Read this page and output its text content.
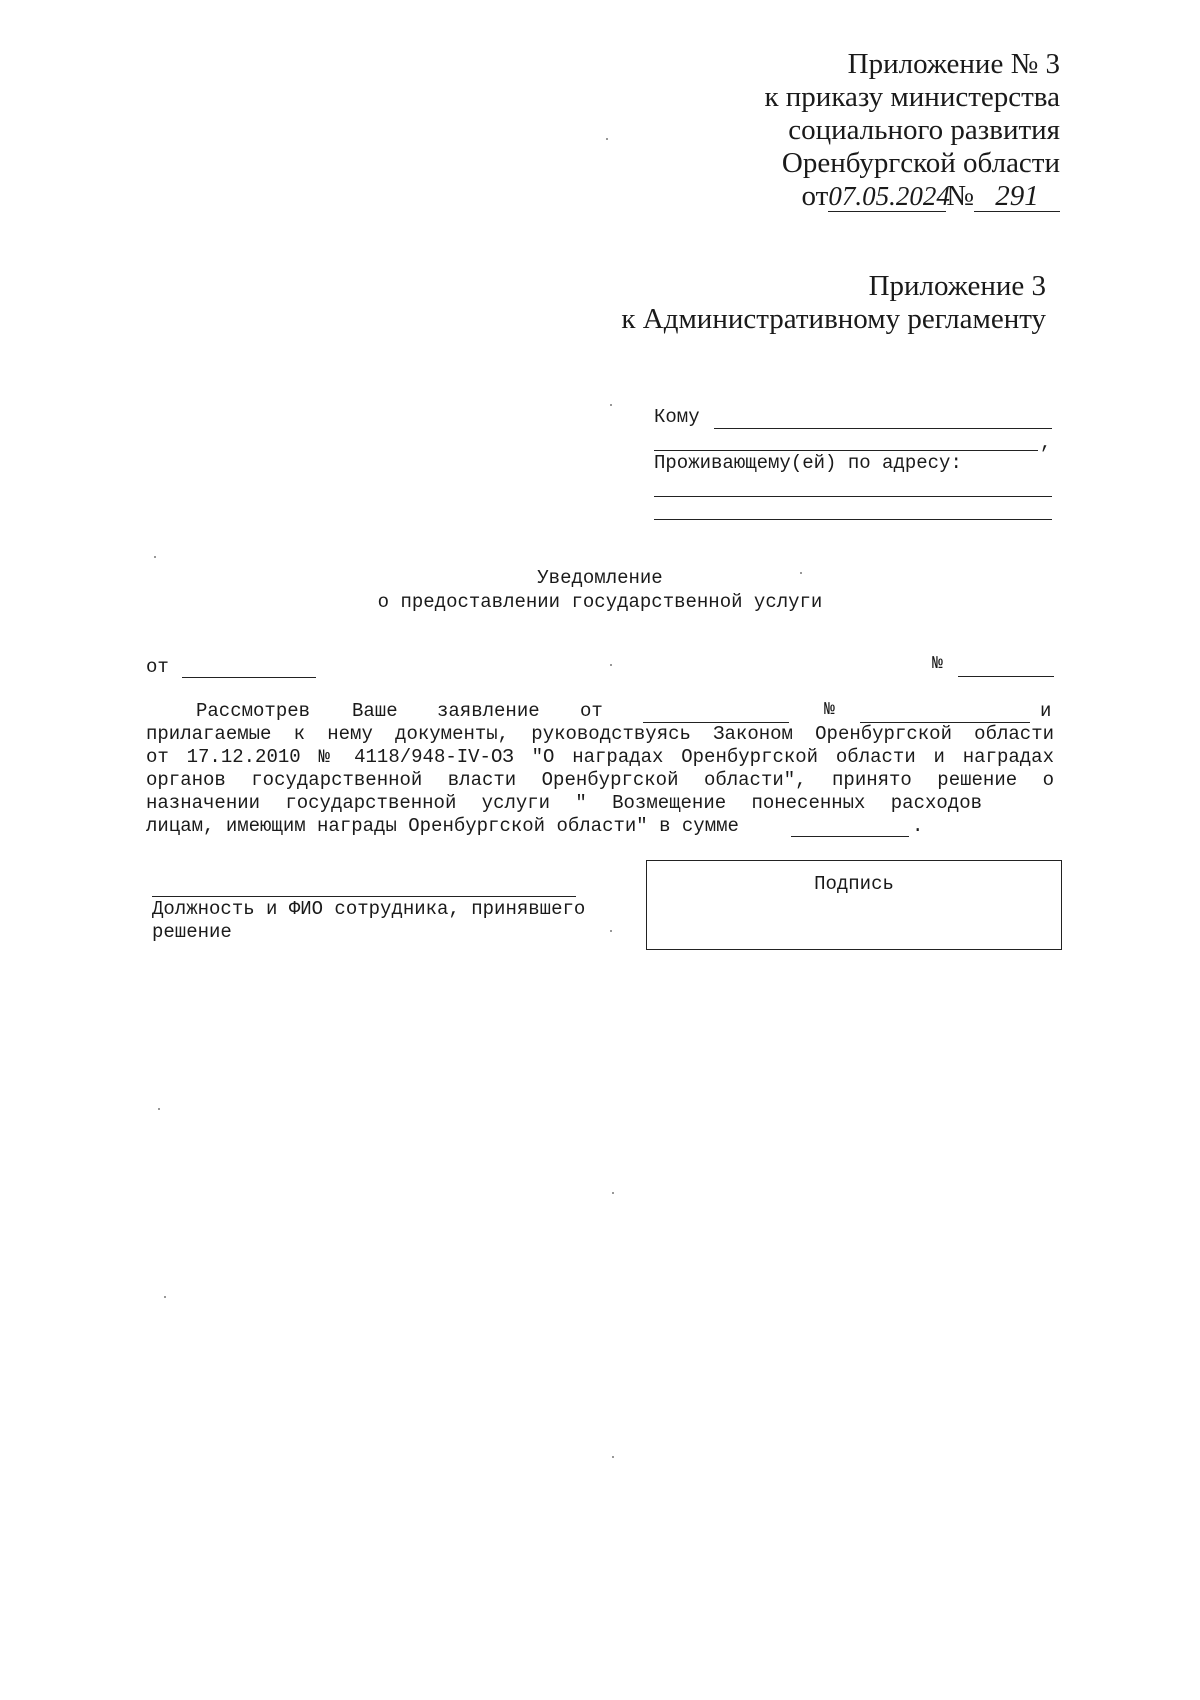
Приложение № 3
к приказу министерства
социального развития
Оренбургской области
от07.05.2024№ 291
Приложение 3
к Административному регламенту
Кому
,
Проживающему(ей) по адресу:
Уведомление
о предоставлении государственной услуги
от	№
Рассмотрев Ваше заявление от	№	и
прилагаемые к нему документы, руководствуясь Законом Оренбургской области
от 17.12.2010 № 4118/948-IV-ОЗ "О наградах Оренбургской области и наградах
органов государственной власти Оренбургской области", принято решение о
назначении государственной услуги " Возмещение понесенных расходов
лицам, имеющим награды Оренбургской области" в сумме	.
Должность и ФИО сотрудника, принявшего
решение
Подпись
